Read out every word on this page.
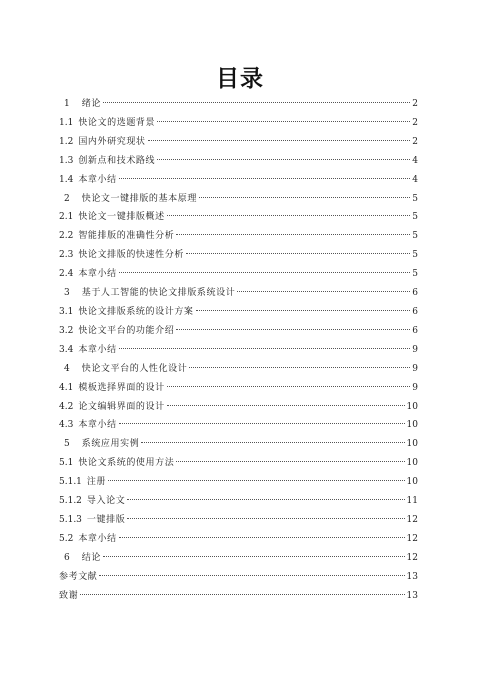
目录
1 绪论	2
1.1 快论文的选题背景	2
1.2 国内外研究现状	2
1.3 创新点和技术路线	4
1.4 本章小结	4
2 快论文一键排版的基本原理	5
2.1 快论文一键排版概述	5
2.2 智能排版的准确性分析	5
2.3 快论文排版的快速性分析	5
2.4 本章小结	5
3 基于人工智能的快论文排版系统设计	6
3.1 快论文排版系统的设计方案	6
3.2 快论文平台的功能介绍	6
3.4 本章小结	9
4 快论文平台的人性化设计	9
4.1 模板选择界面的设计	9
4.2 论文编辑界面的设计	10
4.3 本章小结	10
5 系统应用实例	10
5.1 快论文系统的使用方法	10
5.1.1 注册	10
5.1.2 导入论文	11
5.1.3 一键排版	12
5.2 本章小结	12
6 结论	12
参考文献	13
致谢	13
